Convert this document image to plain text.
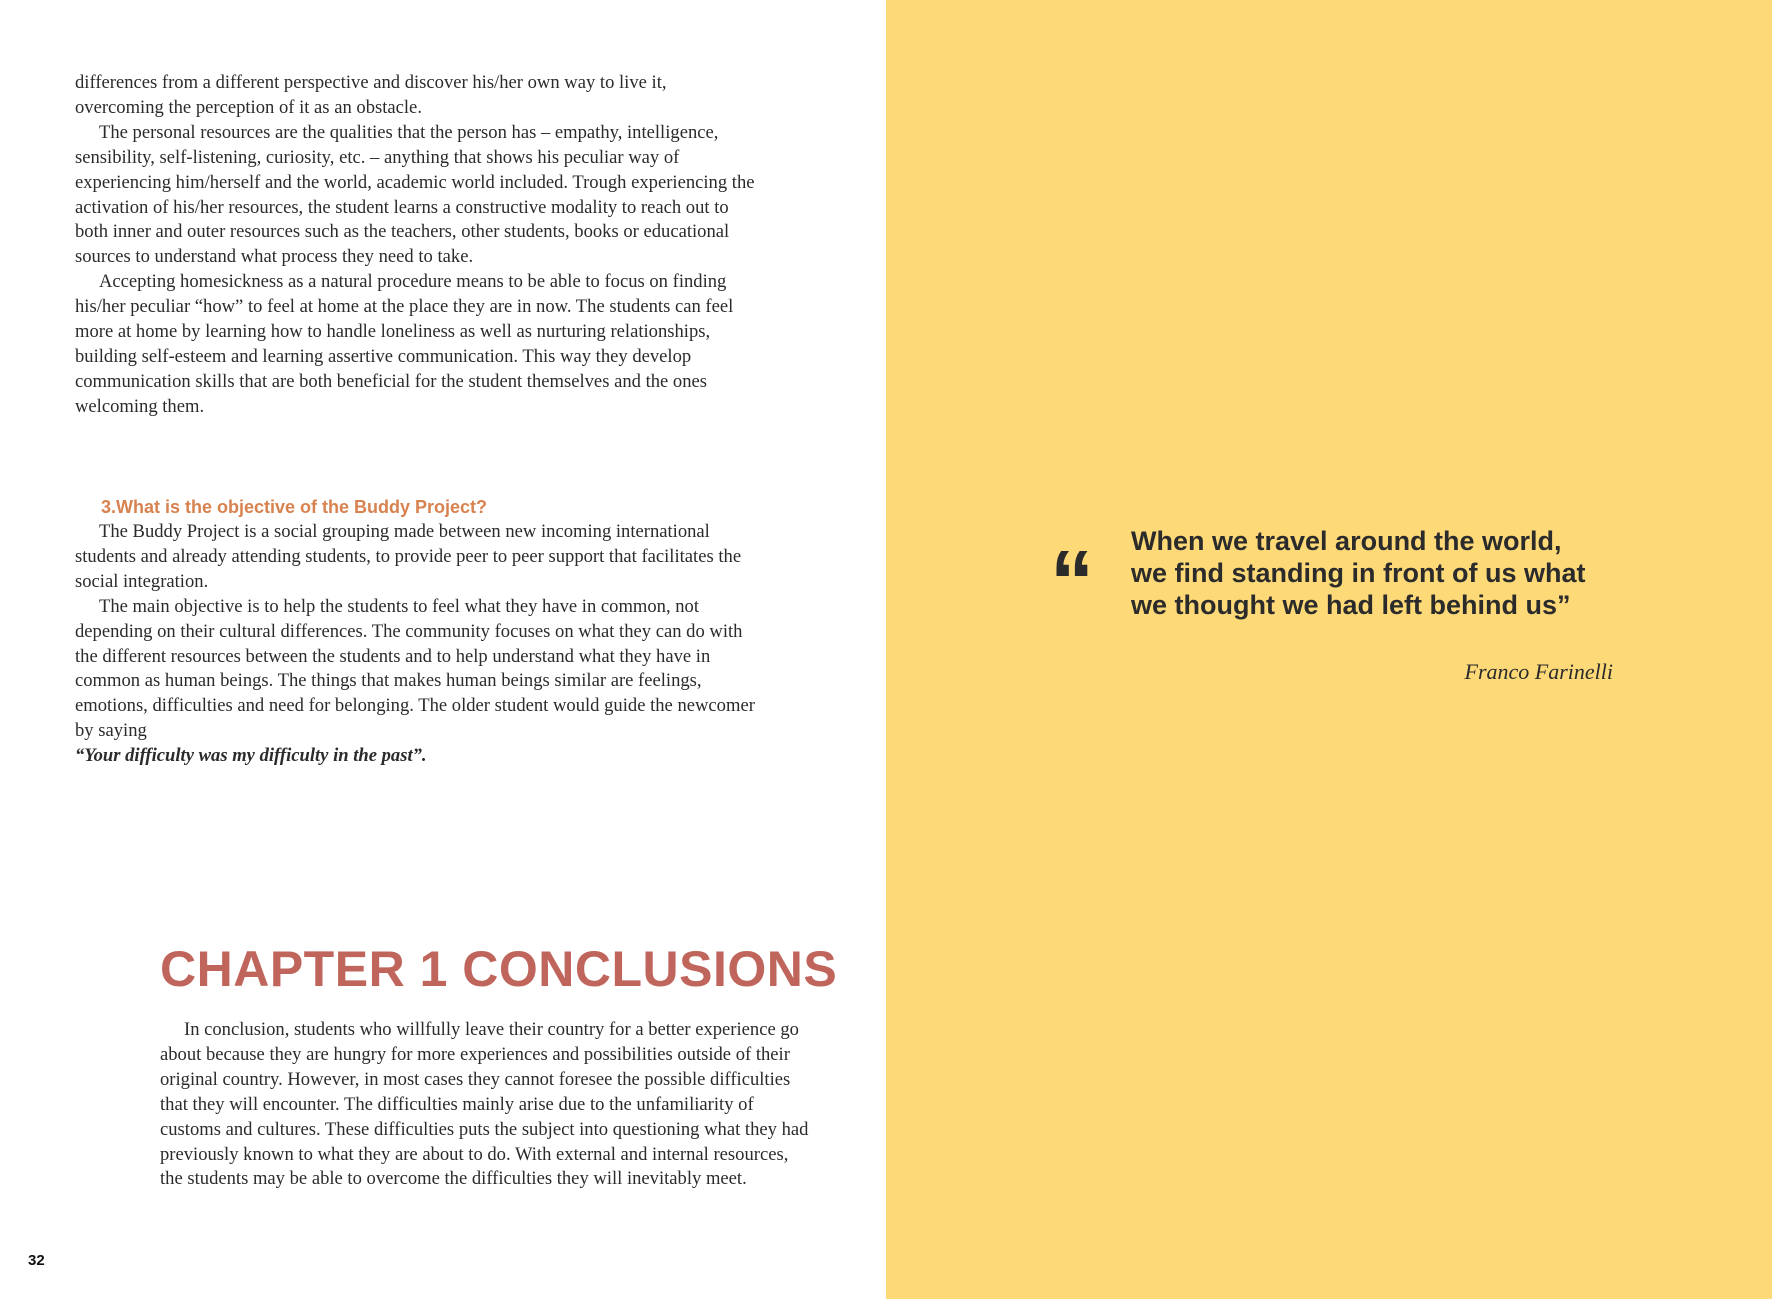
differences from a different perspective and discover his/her own way to live it, overcoming the perception of it as an obstacle.

The personal resources are the qualities that the person has – empathy, intelligence, sensibility, self-listening, curiosity, etc. – anything that shows his peculiar way of experiencing him/herself and the world, academic world included. Trough experiencing the activation of his/her resources, the student learns a constructive modality to reach out to both inner and outer resources such as the teachers, other students, books or educational sources to understand what process they need to take.

Accepting homesickness as a natural procedure means to be able to focus on finding his/her peculiar “how” to feel at home at the place they are in now. The students can feel more at home by learning how to handle loneliness as well as nurturing relationships, building self-esteem and learning assertive communication. This way they develop communication skills that are both beneficial for the student themselves and the ones welcoming them.

3.What is the objective of the Buddy Project?

The Buddy Project is a social grouping made between new incoming international students and already attending students, to provide peer to peer support that facilitates the social integration.

The main objective is to help the students to feel what they have in common, not depending on their cultural differences. The community focuses on what they can do with the different resources between the students and to help understand what they have in common as human beings. The things that makes human beings similar are feelings, emotions, difficulties and need for belonging. The older student would guide the newcomer by saying

“Your difficulty was my difficulty in the past”.

CHAPTER 1 CONCLUSIONS

In conclusion, students who willfully leave their country for a better experience go about because they are hungry for more experiences and possibilities outside of their original country. However, in most cases they cannot foresee the possible difficulties that they will encounter. The difficulties mainly arise due to the unfamiliarity of customs and cultures. These difficulties puts the subject into questioning what they had previously known to what they are about to do. With external and internal resources, the students may be able to overcome the difficulties they will inevitably meet.

32
“ When we travel around the world,
we find standing in front of us what
we thought we had left behind us”

Franco Farinelli
